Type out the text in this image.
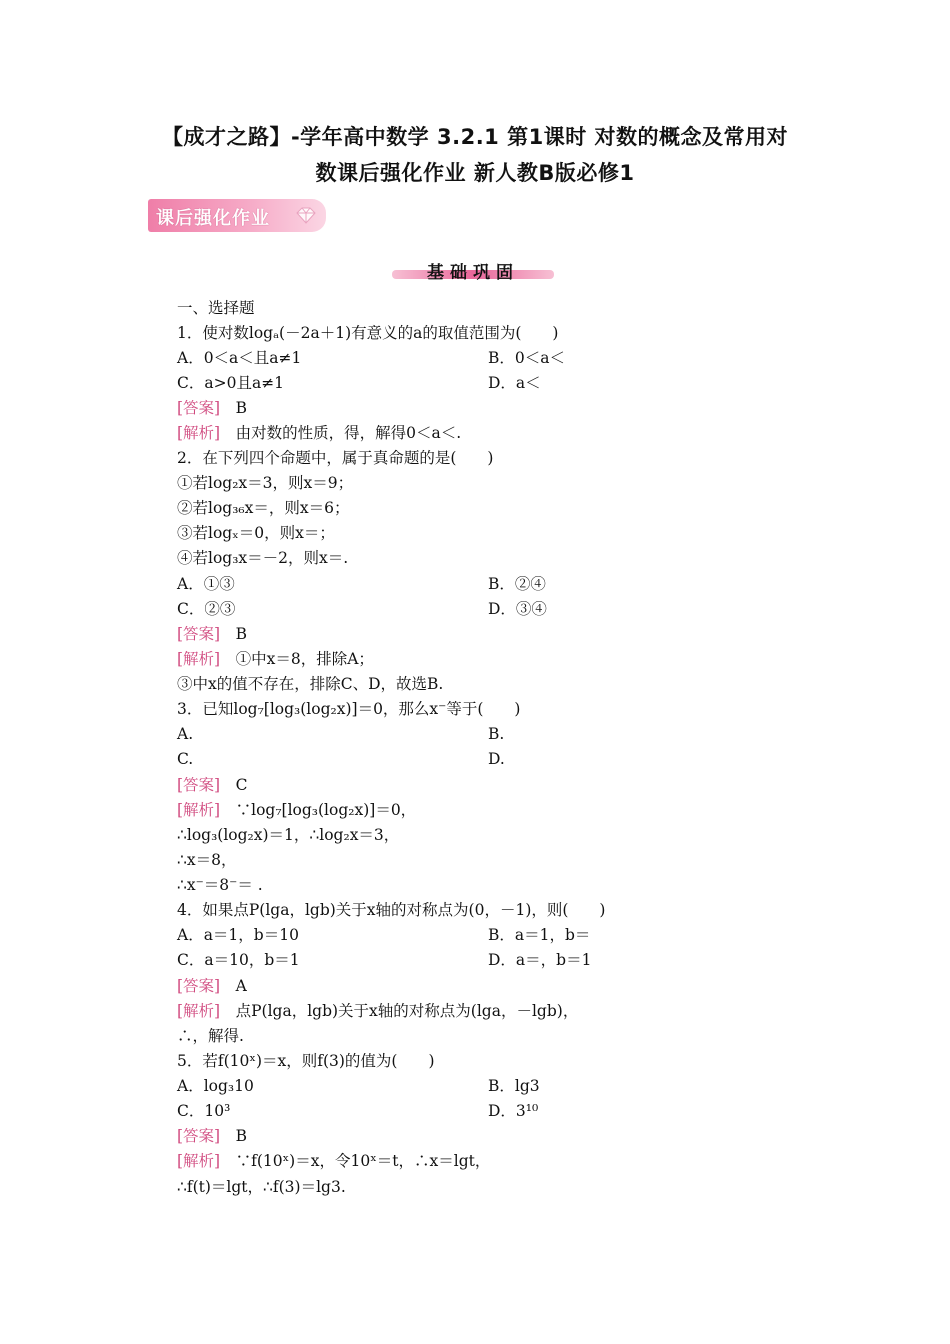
【成才之路】-学年高中数学 3.2.1 第1课时 对数的概念及常用对
数课后强化作业 新人教B版必修1
课后强化作业
基础巩固
一、选择题
1．使对数logₐ(－2a＋1)有意义的a的取值范围为(　　)
A．0＜a＜且a≠1	B．0＜a＜
C．a>0且a≠1	D．a＜
[答案]　B
[解析]　由对数的性质，得，解得0＜a＜.
2．在下列四个命题中，属于真命题的是(　　)
①若log₂x＝3，则x＝9；
②若log₃₆x＝，则x＝6；
③若logₓ＝0，则x＝；
④若log₃x＝－2，则x＝.
A．①③	B．②④
C．②③	D．③④
[答案]　B
[解析]　①中x＝8，排除A；
③中x的值不存在，排除C、D，故选B.
3．已知log₇[log₃(log₂x)]＝0，那么x⁻等于(　　)
A.	B.
C.	D.
[答案]　C
[解析]　∵log₇[log₃(log₂x)]＝0，
∴log₃(log₂x)＝1，∴log₂x＝3，
∴x＝8，
∴x⁻＝8⁻＝ .
4．如果点P(lga，lgb)关于x轴的对称点为(0，－1)，则(　　)
A．a＝1，b＝10	B．a＝1，b＝
C．a＝10，b＝1	D．a＝，b＝1
[答案]　A
[解析]　点P(lga，lgb)关于x轴的对称点为(lga，－lgb)，
∴，解得.
5．若f(10ˣ)＝x，则f(3)的值为(　　)
A．log₃10	B．lg3
C．10³	D．3¹⁰
[答案]　B
[解析]　∵f(10ˣ)＝x，令10ˣ＝t，∴x＝lgt，
∴f(t)＝lgt，∴f(3)＝lg3.
